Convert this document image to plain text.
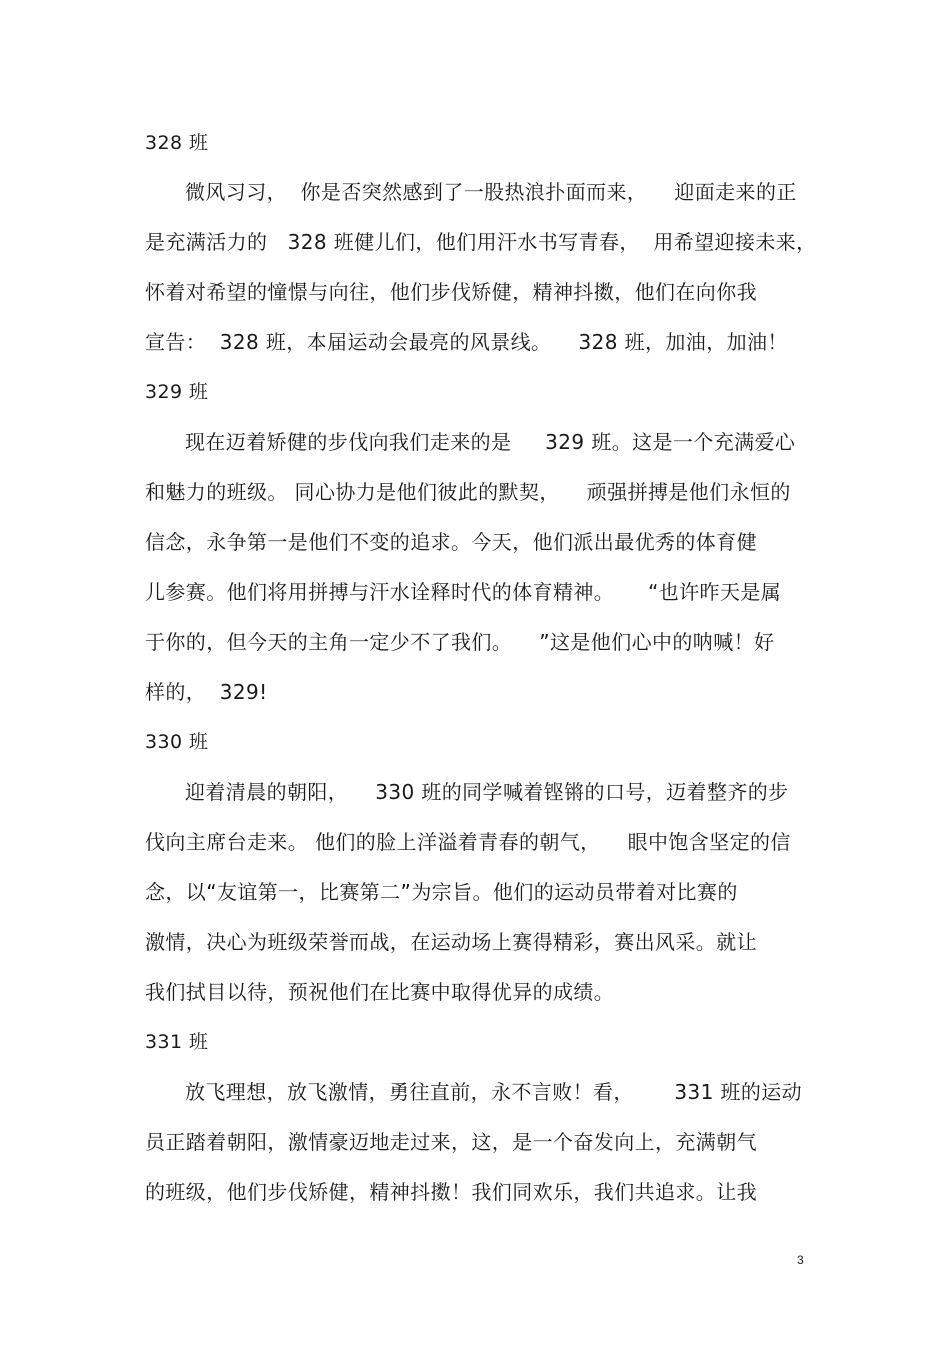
328 班
微风习习，  你是否突然感到了一股热浪扑面而来，    迎面走来的正
是充满活力的   328 班健儿们，他们用汗水书写青春，  用希望迎接未来，
怀着对希望的憧憬与向往，他们步伐矫健，精神抖擞，他们在向你我
宣告：  328 班，本届运动会最亮的风景线。    328 班，加油，加油！
329 班
现在迈着矫健的步伐向我们走来的是     329 班。这是一个充满爱心
和魅力的班级。 同心协力是他们彼此的默契，    顽强拼搏是他们永恒的
信念，永争第一是他们不变的追求。今天，他们派出最优秀的体育健
儿参赛。他们将用拼搏与汗水诠释时代的体育精神。     “也许昨天是属
于你的，但今天的主角一定少不了我们。    ”这是他们心中的呐喊！好
样的，  329!
330 班
迎着清晨的朝阳，    330 班的同学喊着铿锵的口号，迈着整齐的步
伐向主席台走来。 他们的脸上洋溢着青春的朝气，    眼中饱含坚定的信
念，以“友谊第一，比赛第二”为宗旨。他们的运动员带着对比赛的
激情，决心为班级荣誉而战，在运动场上赛得精彩，赛出风采。就让
我们拭目以待，预祝他们在比赛中取得优异的成绩。
331 班
放飞理想，放飞激情，勇往直前，永不言败！看，      331 班的运动
员正踏着朝阳，激情豪迈地走过来，这，是一个奋发向上，充满朝气
的班级，他们步伐矫健，精神抖擞！我们同欢乐，我们共追求。让我
3
